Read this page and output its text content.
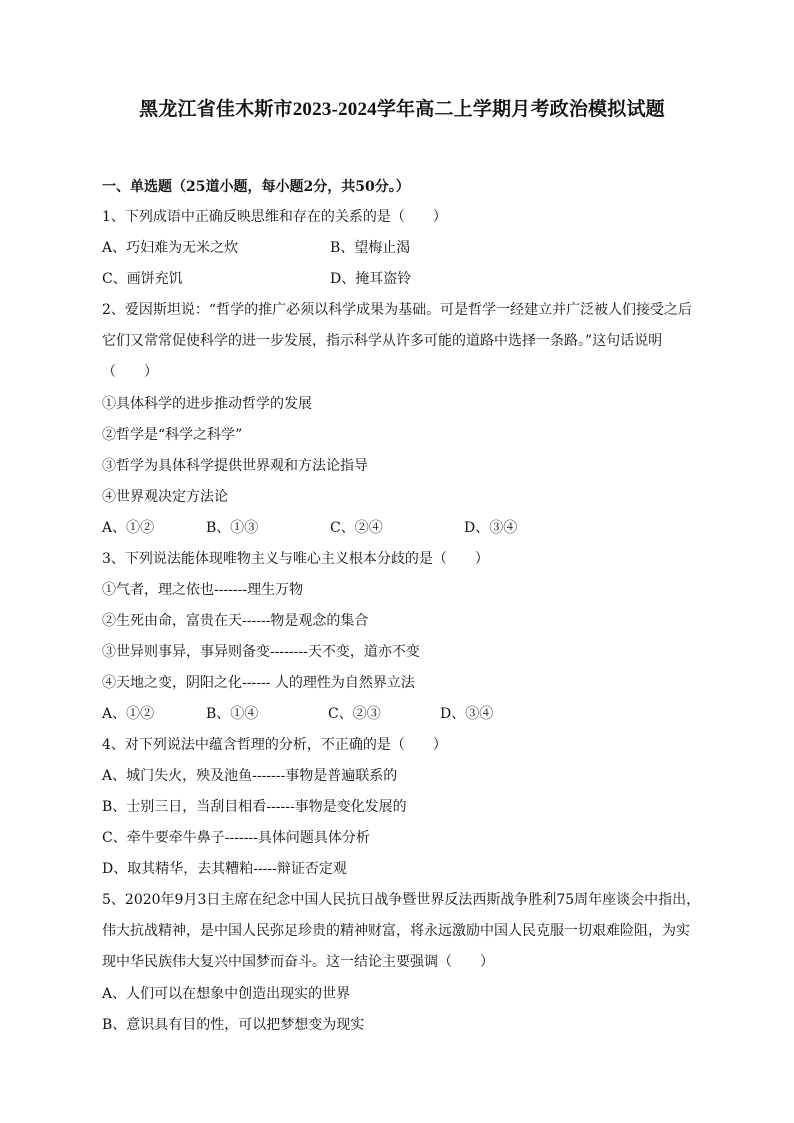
黑龙江省佳木斯市2023-2024学年高二上学期月考政治模拟试题
一、单选题（25道小题，每小题2分，共50分。）
1、下列成语中正确反映思维和存在的关系的是（　　）
A、巧妇难为无米之炊	B、望梅止渴
C、画饼充饥	D、掩耳盗铃
2、爱因斯坦说：“哲学的推广必须以科学成果为基础。可是哲学一经建立并广泛被人们接受之后
它们又常常促使科学的进一步发展，指示科学从许多可能的道路中选择一条路。”这句话说明
（　　）
①具体科学的进步推动哲学的发展
②哲学是“科学之科学”
③哲学为具体科学提供世界观和方法论指导
④世界观决定方法论
A、①②	B、①③	C、②④	D、③④
3、下列说法能体现唯物主义与唯心主义根本分歧的是（　　）
①气者，理之依也-------理生万物
②生死由命，富贵在天------物是观念的集合
③世异则事异，事异则备变--------天不变，道亦不变
④天地之变，阴阳之化------ 人的理性为自然界立法
A、①②	B、①④	C、②③	D、③④
4、对下列说法中蕴含哲理的分析，不正确的是（　　）
A、城门失火，殃及池鱼-------事物是普遍联系的
B、士别三日，当刮目相看------事物是变化发展的
C、牵牛要牵牛鼻子-------具体问题具体分析
D、取其精华，去其糟粕-----辩证否定观
5、2020年9月3日主席在纪念中国人民抗日战争暨世界反法西斯战争胜利75周年座谈会中指出，
伟大抗战精神，是中国人民弥足珍贵的精神财富，将永远激励中国人民克服一切艰难险阻，为实
现中华民族伟大复兴中国梦而奋斗。这一结论主要强调（　　）
A、人们可以在想象中创造出现实的世界
B、意识具有目的性，可以把梦想变为现实
